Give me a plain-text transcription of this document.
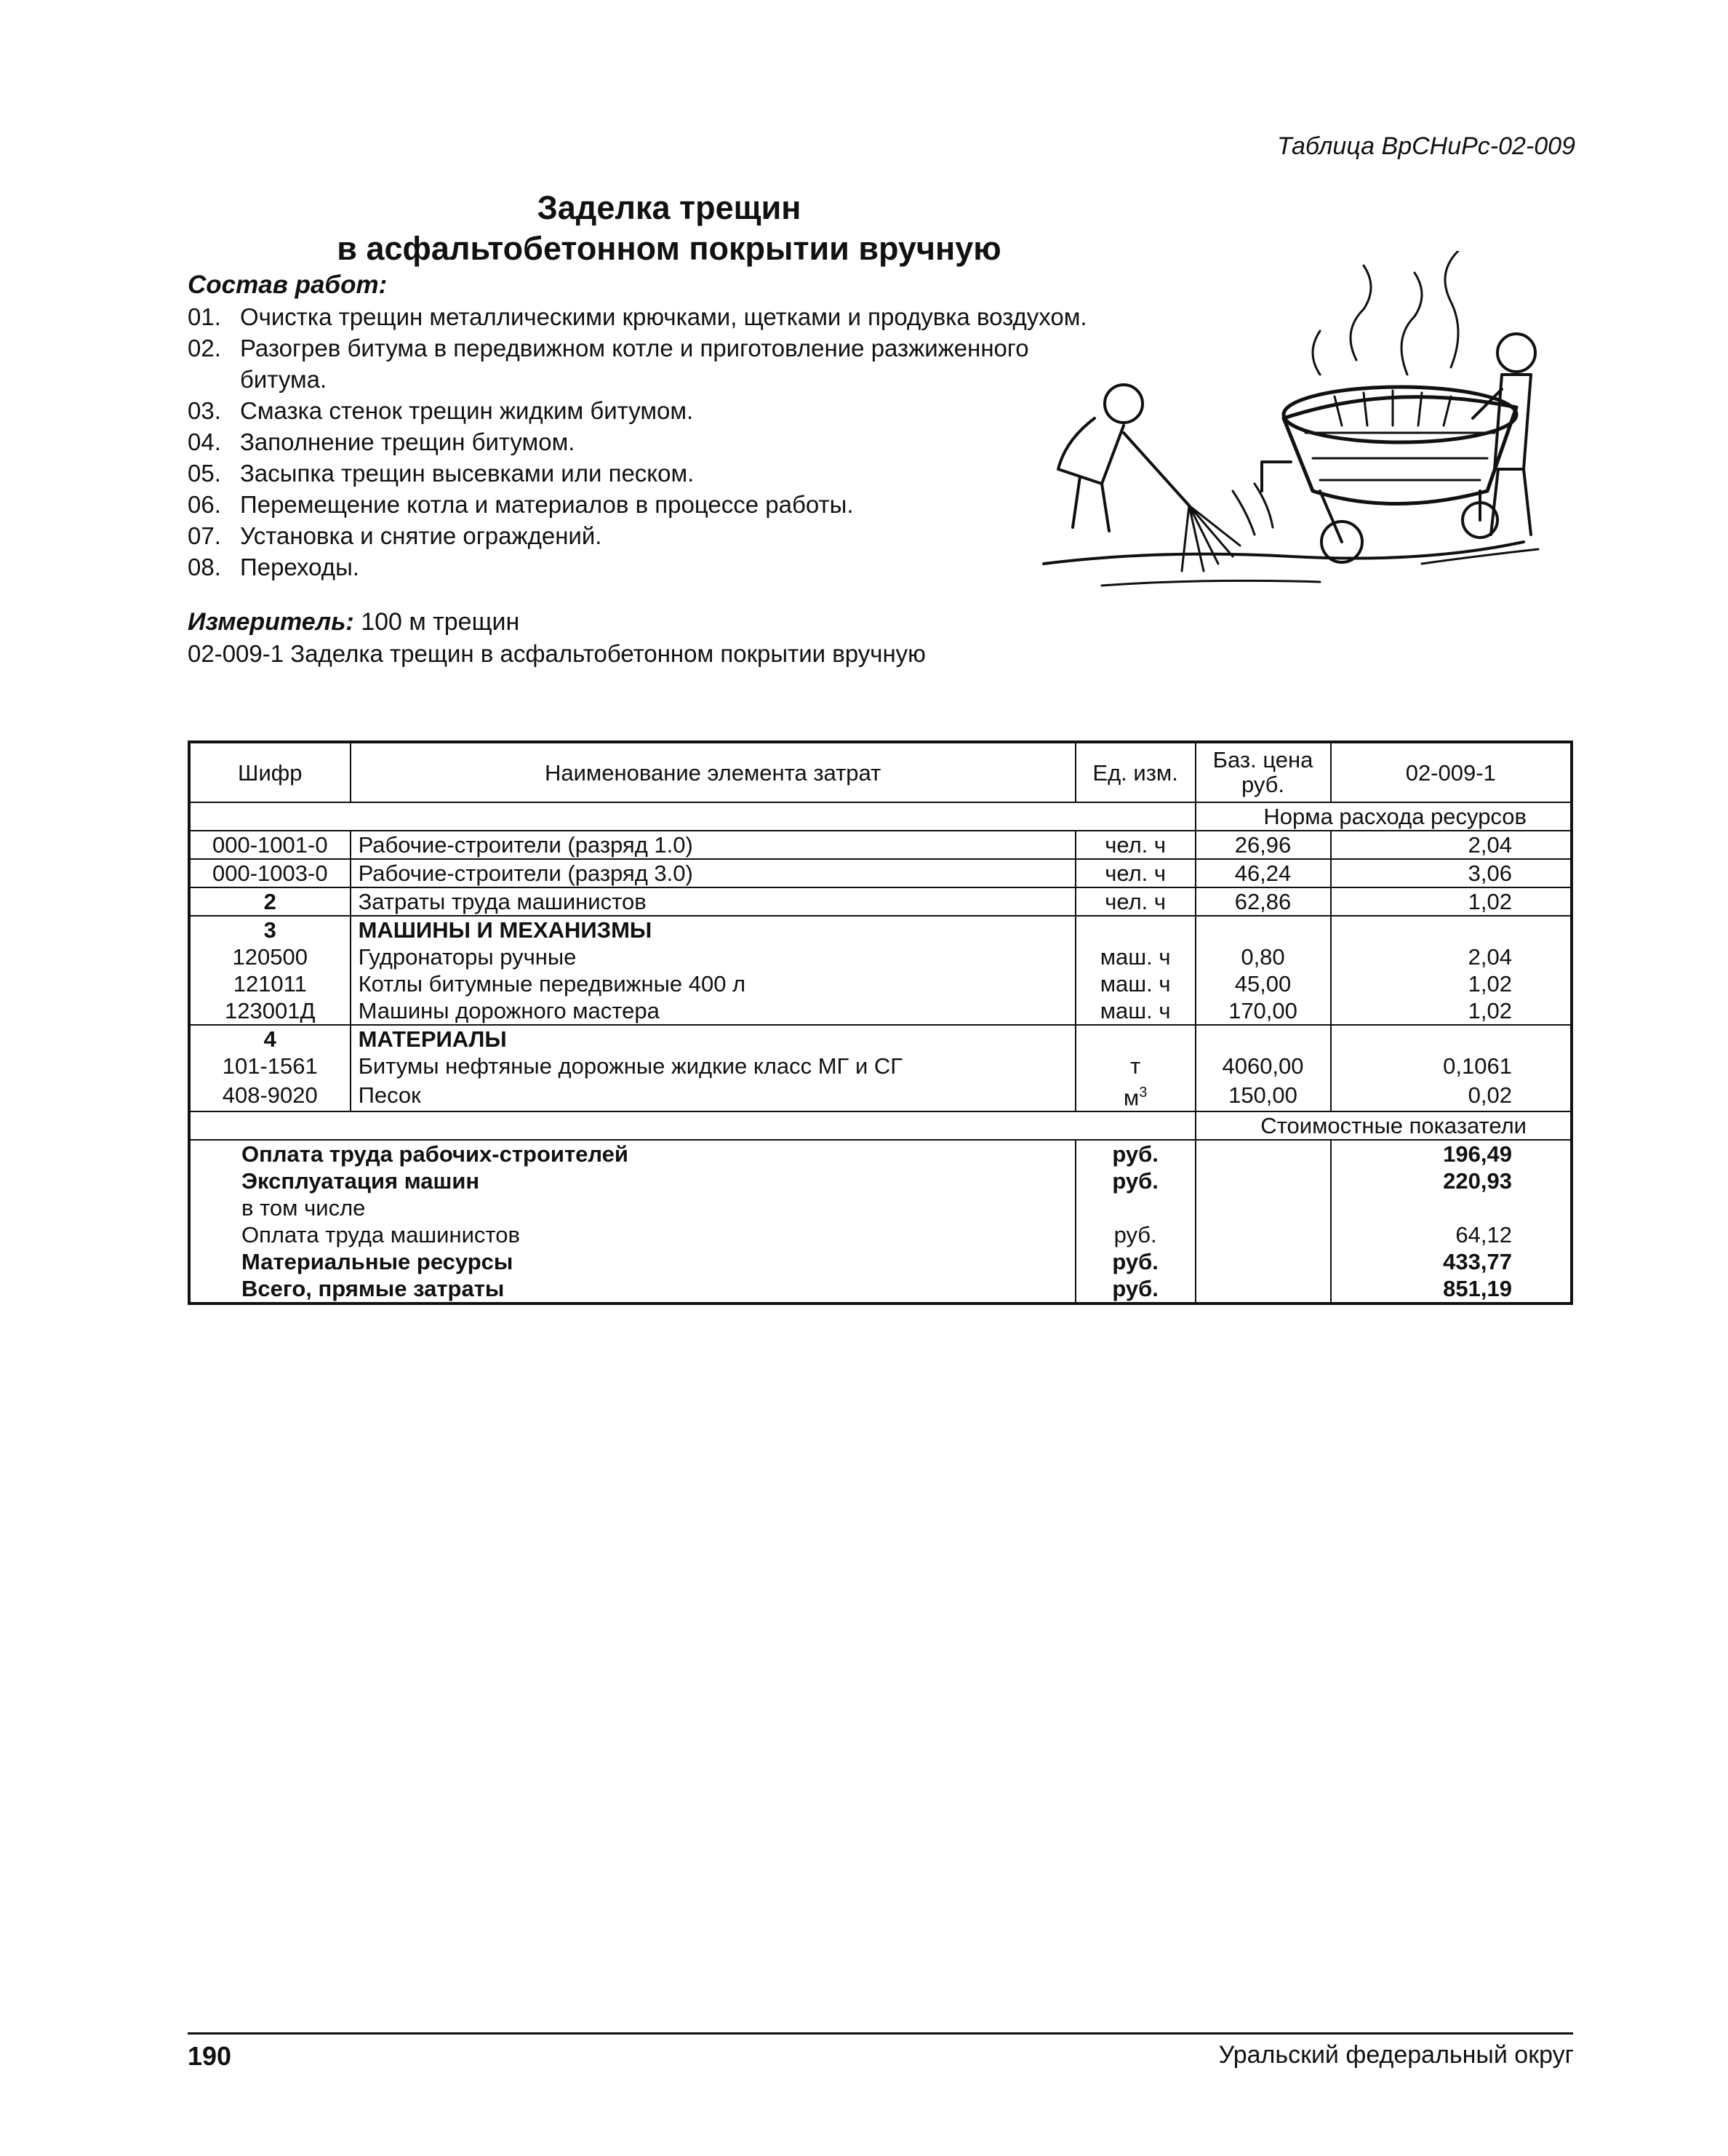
Таблица ВрСНиРс-02-009
Заделка трещин
в асфальтобетонном покрытии вручную
Состав работ:
01. Очистка трещин металлическими крючками, щетками и продувка воздухом.
02. Разогрев битума в передвижном котле и приготовление разжиженного битума.
03. Смазка стенок трещин жидким битумом.
04. Заполнение трещин битумом.
05. Засыпка трещин высевками или песком.
06. Перемещение котла и материалов в процессе работы.
07. Установка и снятие ограждений.
08. Переходы.
Измеритель: 100 м трещин
02-009-1 Заделка трещин в асфальтобетонном покрытии вручную
Шифр	Наименование элемента затрат	Ед. изм.	Баз. цена руб.	02-009-1
			Норма расхода ресурсов	
000-1001-0	Рабочие-строители (разряд 1.0)	чел. ч	26,96	2,04
000-1003-0	Рабочие-строители (разряд 3.0)	чел. ч	46,24	3,06
2	Затраты труда машинистов	чел. ч	62,86	1,02
3	МАШИНЫ И МЕХАНИЗМЫ			
120500	Гудронаторы ручные	маш. ч	0,80	2,04
121011	Котлы битумные передвижные 400 л	маш. ч	45,00	1,02
123001Д	Машины дорожного мастера	маш. ч	170,00	1,02
4	МАТЕРИАЛЫ			
101-1561	Битумы нефтяные дорожные жидкие класс МГ и СГ	т	4060,00	0,1061
408-9020	Песок	$м^3$	150,00	0,02
			Стоимостные показатели	
Оплата труда рабочих-строителей		руб.		196,49
Эксплуатация машин		руб.		220,93
в том числе				
Оплата труда машинистов		руб.		64,12
Материальные ресурсы		руб.		433,77
Всего, прямые затраты		руб.		851,19
190	Уральский федеральный округ
